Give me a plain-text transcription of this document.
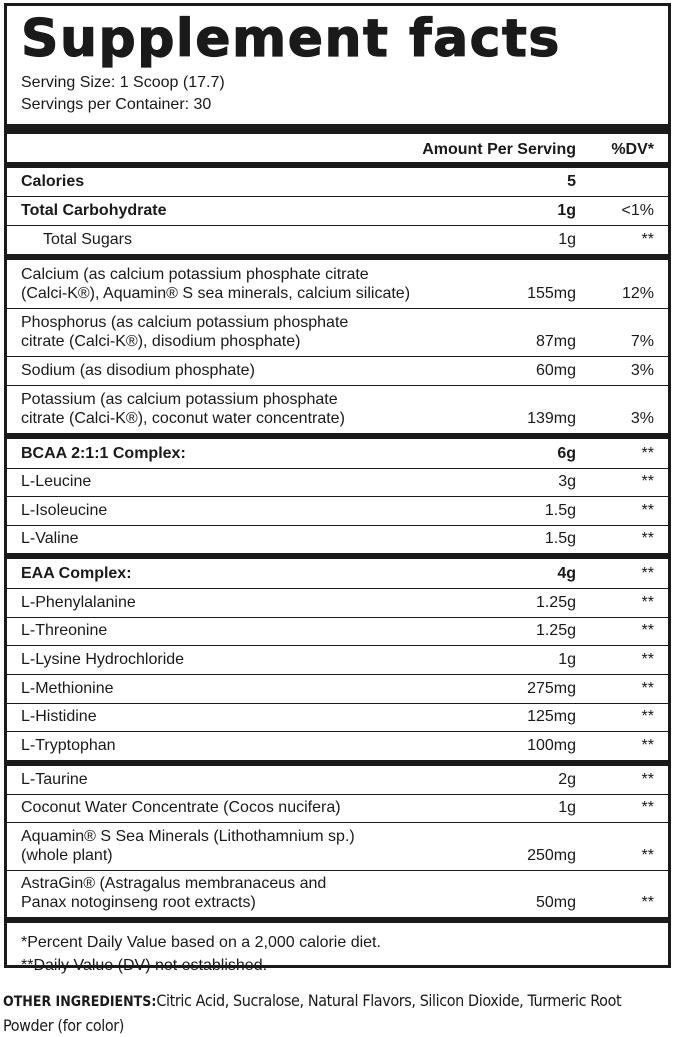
Supplement facts
Serving Size: 1 Scoop (17.7)
Servings per Container: 30
Amount Per Serving %DV*
Calories	5
Total Carbohydrate	1g	<1%
Total Sugars	1g	**
Calcium (as calcium potassium phosphate citrate
(Calci-K®), Aquamin® S sea minerals, calcium silicate)	155mg	12%
Phosphorus (as calcium potassium phosphate
citrate (Calci-K®), disodium phosphate)	87mg	7%
Sodium (as disodium phosphate)	60mg	3%
Potassium (as calcium potassium phosphate
citrate (Calci-K®), coconut water concentrate)	139mg	3%
BCAA 2:1:1 Complex:	6g	**
L-Leucine	3g	**
L-Isoleucine	1.5g	**
L-Valine	1.5g	**
EAA Complex:	4g	**
L-Phenylalanine	1.25g	**
L-Threonine	1.25g	**
L-Lysine Hydrochloride	1g	**
L-Methionine	275mg	**
L-Histidine	125mg	**
L-Tryptophan	100mg	**
L-Taurine	2g	**
Coconut Water Concentrate (Cocos nucifera)	1g	**
Aquamin® S Sea Minerals (Lithothamnium sp.)
(whole plant)	250mg	**
AstraGin® (Astragalus membranaceus and
Panax notoginseng root extracts)	50mg	**
*Percent Daily Value based on a 2,000 calorie diet.
**Daily Value (DV) not established.
OTHER INGREDIENTS:Citric Acid, Sucralose, Natural Flavors, Silicon Dioxide, Turmeric Root Powder (for color)
